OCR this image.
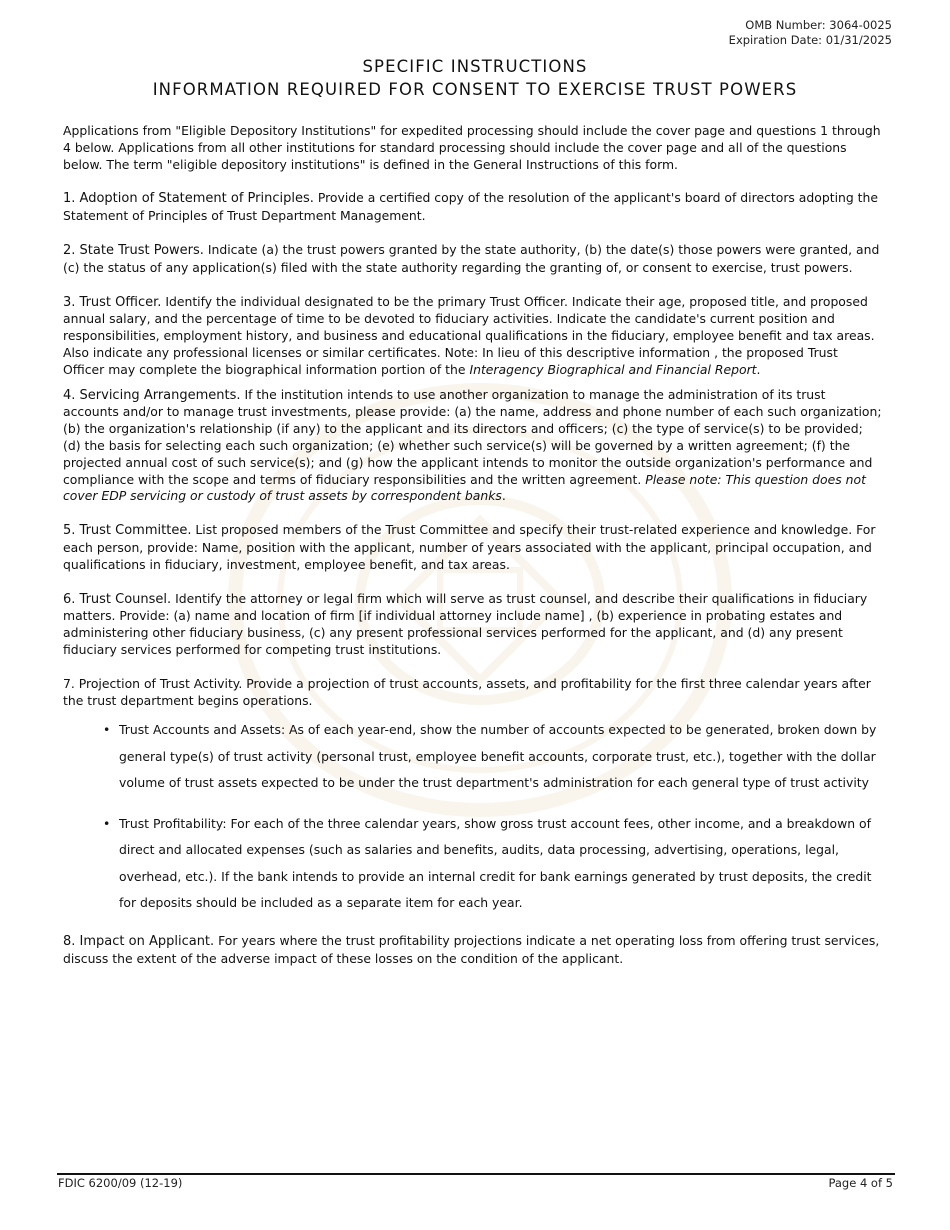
OMB Number: 3064-0025
Expiration Date: 01/31/2025
SPECIFIC INSTRUCTIONS
INFORMATION REQUIRED FOR CONSENT TO EXERCISE TRUST POWERS

Applications from "Eligible Depository Institutions" for expedited processing should include the cover page and questions 1 through 4 below. Applications from all other institutions for standard processing should include the cover page and all of the questions below. The term "eligible depository institutions" is defined in the General Instructions of this form.

1. Adoption of Statement of Principles. Provide a certified copy of the resolution of the applicant's board of directors adopting the Statement of Principles of Trust Department Management.

2. State Trust Powers. Indicate (a) the trust powers granted by the state authority, (b) the date(s) those powers were granted, and (c) the status of any application(s) filed with the state authority regarding the granting of, or consent to exercise, trust powers.

3. Trust Officer. Identify the individual designated to be the primary Trust Officer. Indicate their age, proposed title, and proposed annual salary, and the percentage of time to be devoted to fiduciary activities. Indicate the candidate's current position and responsibilities, employment history, and business and educational qualifications in the fiduciary, employee benefit and tax areas. Also indicate any professional licenses or similar certificates. Note: In lieu of this descriptive information , the proposed Trust Officer may complete the biographical information portion of the Interagency Biographical and Financial Report.

4. Servicing Arrangements. If the institution intends to use another organization to manage the administration of its trust accounts and/or to manage trust investments, please provide: (a) the name, address and phone number of each such organization; (b) the organization's relationship (if any) to the applicant and its directors and officers; (c) the type of service(s) to be provided; (d) the basis for selecting each such organization; (e) whether such service(s) will be governed by a written agreement; (f) the projected annual cost of such service(s); and (g) how the applicant intends to monitor the outside organization's performance and compliance with the scope and terms of fiduciary responsibilities and the written agreement. Please note: This question does not cover EDP servicing or custody of trust assets by correspondent banks.

5. Trust Committee. List proposed members of the Trust Committee and specify their trust-related experience and knowledge. For each person, provide: Name, position with the applicant, number of years associated with the applicant, principal occupation, and qualifications in fiduciary, investment, employee benefit, and tax areas.

6. Trust Counsel. Identify the attorney or legal firm which will serve as trust counsel, and describe their qualifications in fiduciary matters. Provide: (a) name and location of firm [if individual attorney include name] , (b) experience in probating estates and administering other fiduciary business, (c) any present professional services performed for the applicant, and (d) any present fiduciary services performed for competing trust institutions.

7. Projection of Trust Activity. Provide a projection of trust accounts, assets, and profitability for the first three calendar years after the trust department begins operations.

• Trust Accounts and Assets: As of each year-end, show the number of accounts expected to be generated, broken down by general type(s) of trust activity (personal trust, employee benefit accounts, corporate trust, etc.), together with the dollar volume of trust assets expected to be under the trust department's administration for each general type of trust activity
• Trust Profitability: For each of the three calendar years, show gross trust account fees, other income, and a breakdown of direct and allocated expenses (such as salaries and benefits, audits, data processing, advertising, operations, legal, overhead, etc.). If the bank intends to provide an internal credit for bank earnings generated by trust deposits, the credit for deposits should be included as a separate item for each year.

8. Impact on Applicant. For years where the trust profitability projections indicate a net operating loss from offering trust services, discuss the extent of the adverse impact of these losses on the condition of the applicant.

FDIC 6200/09 (12-19)	Page 4 of 5
